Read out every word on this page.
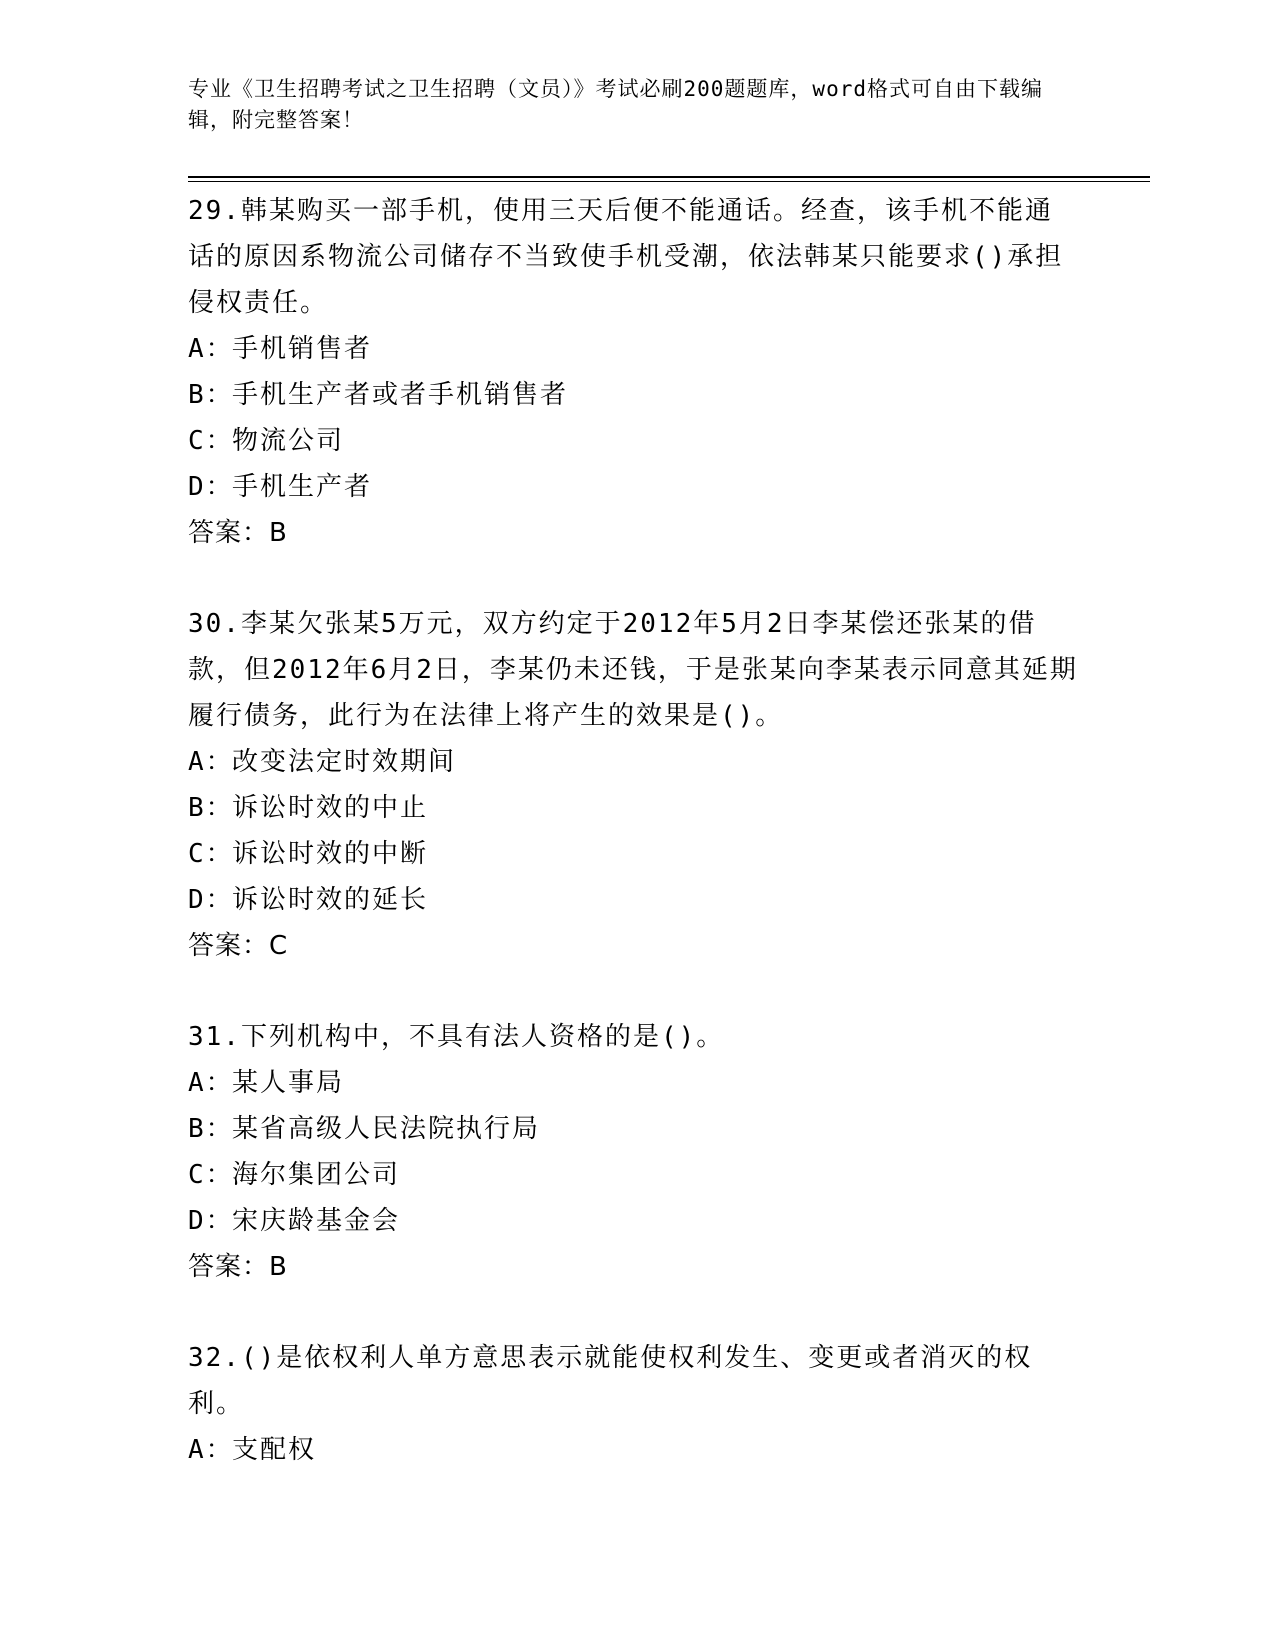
专业《卫生招聘考试之卫生招聘（文员）》考试必刷200题题库，word格式可自由下载编辑，附完整答案！
29.韩某购买一部手机，使用三天后便不能通话。经查，该手机不能通话的原因系物流公司储存不当致使手机受潮，依法韩某只能要求()承担侵权责任。
A：手机销售者
B：手机生产者或者手机销售者
C：物流公司
D：手机生产者
答案：B
30.李某欠张某5万元，双方约定于2012年5月2日李某偿还张某的借款，但2012年6月2日，李某仍未还钱，于是张某向李某表示同意其延期履行债务，此行为在法律上将产生的效果是()。
A：改变法定时效期间
B：诉讼时效的中止
C：诉讼时效的中断
D：诉讼时效的延长
答案：C
31.下列机构中，不具有法人资格的是()。
A：某人事局
B：某省高级人民法院执行局
C：海尔集团公司
D：宋庆龄基金会
答案：B
32.()是依权利人单方意思表示就能使权利发生、变更或者消灭的权利。
A：支配权
